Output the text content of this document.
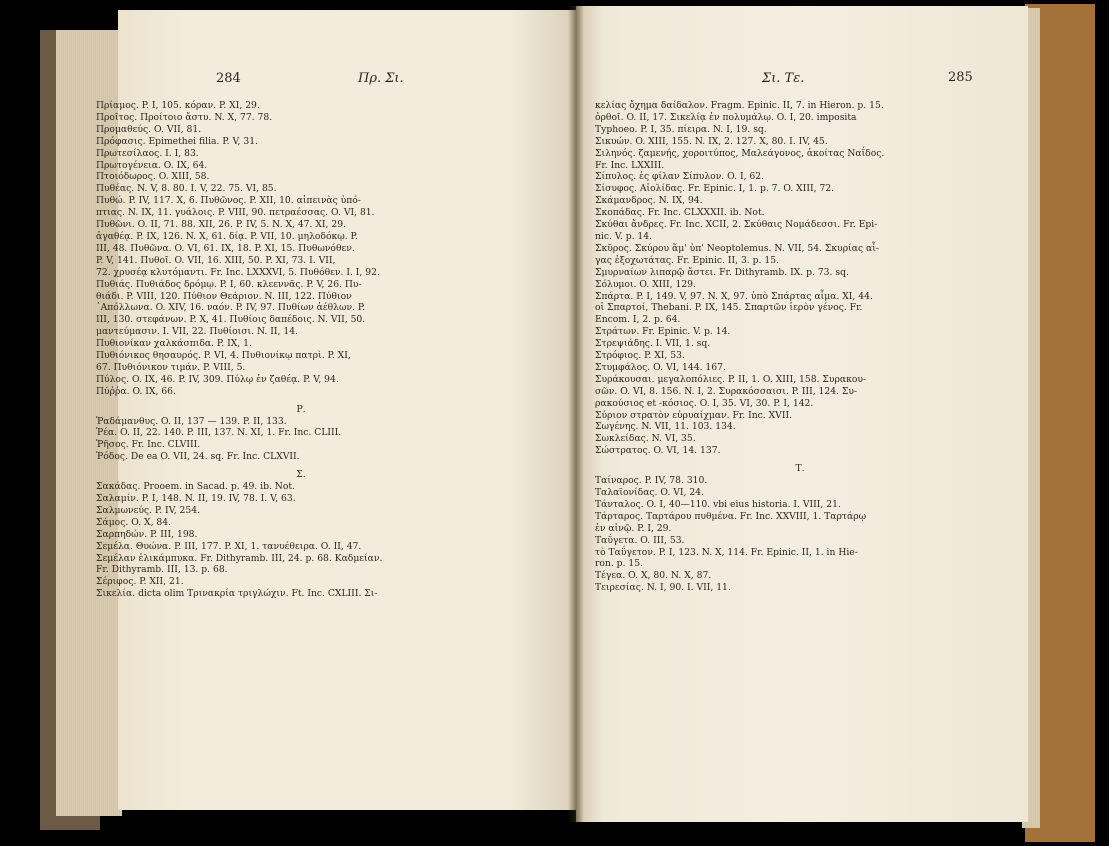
284	Πρ. Σι.	Σι. Τε.	285
Πρίαμος. P. I, 105. κόραν. P. XI, 29.
Προῖτος. Προίτοιο ἄστυ. N. X, 77. 78.
Προμαθεύς. O. VII, 81.
Πρόφασις. Epimethei filia. P. V, 31.
Πρωτεσίλαος. I. I, 83.
Πρωτογένεια. O. IX, 64.
Πτοιόδωρος. O. XIII, 58.
Πυθέας. N. V, 8. 80. I. V, 22. 75. VI, 85.
Πυθώ. P. IV, 117. X, 6. Πυθῶνος. P. XII, 10. αἰπεινὰς ὑπό-
πτιας. N. IX, 11. γυάλοις. P. VIII, 90. πετραέσσας. O. VI, 81.
Πυθῶνι. O. II, 71. 88. XII, 26. P. IV, 5. N. X, 47. XI, 29.
ἀγαθέᾳ. P. IX, 126. N. X, 61. δίᾳ. P. VII, 10. μηλοδόκῳ. P.
III, 48. Πυθῶνα. O. VI, 61. IX, 18. P. XI, 15. Πυθωνόθεν.
P. V, 141. Πυθοῖ. O. VII, 16. XIII, 50. P. XI, 73. I. VII,
72. χρυσέᾳ κλυτόμαντι. Fr. Inc. LXXXVI, 5. Πυθόθεν. I. I, 92.
Πυθιάς. Πυθιάδος δρόμῳ. P. I, 60. κλεεννᾶς. P. V, 26. Πυ-
θιάδι. P. VIII, 120. Πύθιον Θεάριον. N. III, 122. Πύθιον
᾽Απόλλωνα. O. XIV, 16. ναόν. P. IV, 97. Πυθίων ἀέθλων. P.
III, 130. στεφάνων. P. X, 41. Πυθίοις δαπέδοις. N. VII, 50.
μαντεύμασιν. I. VII, 22. Πυθίοισι. N. II, 14.
Πυθιονίκαν χαλκάσπιδα. P. IX, 1.
Πυθιόνικος θησαυρός. P. VI, 4. Πυθιονίκῳ πατρὶ. P. XI,
67. Πυθιόνικον τιμάν. P. VIII, 5.
Πύλος. O. IX, 46. P. IV, 309. Πύλῳ ἐν ζαθέᾳ. P. V, 94.
Πύῤῥα. O. IX, 66.
Ρ.
Ῥαδάμανθυς. O. II, 137 — 139. P. II, 133.
Ῥέα. O. II, 22. 140. P. III, 137. N. XI, 1. Fr. Inc. CLIII.
Ῥῆσος. Fr. Inc. CLVIII.
Ῥόδος. De ea O. VII, 24. sq. Fr. Inc. CLXVII.
Σ.
Σακάδας. Prooem. in Sacad. p. 49. ib. Not.
Σαλαμίν. P. I, 148. N. II, 19. IV, 78. I. V, 63.
Σαλμωνεύς. P. IV, 254.
Σάμος. O. X, 84.
Σαρπηδών. P. III, 198.
Σεμέλα. Θυώνα. P. III, 177. P. XI, 1. τανυέθειρα. O. II, 47.
Σεμέλαν ἑλικάμπυκα. Fr. Dithyramb. III, 24. p. 68. Καδμείαν.
Fr. Dithyramb. III, 13. p. 68.
Σέριφος. P. XII, 21.
Σικελία. dicta olim Τρινακρία τριγλώχιν. Ft. Inc. CXLIII. Σι-
κελίας ὄχημα δαίδαλον. Fragm. Epinic. II, 7. in Hieron. p. 15.
ὀρθοῖ. O. II, 17. Σικελίᾳ ἐν πολυμάλῳ. O. I, 20. imposita
Typhoeo. P. I, 35. πίειρα. N. I, 19. sq.
Σικυών. O. XIII, 155. N. IX, 2. 127. X, 80. I. IV, 45.
Σιληνός. ζαμενής, χοροιτύπος, Μαλεάγονος, ἀκοίτας Ναΐδος.
Fr. Inc. LXXIII.
Σίπυλος. ἐς φίλαν Σίπυλον. O. I, 62.
Σίσυφος. Αἰολίδας. Fr. Epinic. I, 1. p. 7. O. XIII, 72.
Σκάμανδρος. N. IX, 94.
Σκοπάδας. Fr. Inc. CLXXXII. ib. Not.
Σκύθαι ἄνδρες. Fr. Inc. XCII, 2. Σκύθαις Νομάδεσσι. Fr. Epi-
nic. V. p. 14.
Σκῦρος. Σκύρου ἅμ' ὑπ' Neoptolemus. N. VII, 54. Σκυρίας αἶ-
γας ἐξοχωτάτας. Fr. Epinic. II, 3. p. 15.
Σμυρναίων λιπαρῷ ἄστει. Fr. Dithyramb. IX. p. 73. sq.
Σόλυμοι. O. XIII, 129.
Σπάρτα. P. I, 149. V, 97. N. X, 97. ὑπὸ Σπάρτας αἷμα. XI, 44.
οἱ Σπαρτοί, Thebani. P. IX, 145. Σπαρτῶν ἱερὸν γένος. Fr.
Encom. I, 2. p. 64.
Στράτων. Fr. Epinic. V. p. 14.
Στρεψιάδης. I. VII, 1. sq.
Στρόφιος. P. XI, 53.
Στυμφάλος. O. VI, 144. 167.
Συράκουσαι. μεγαλοπόλιες. P. II, 1. O. XIII, 158. Συρακου-
σῶν. O. VI, 8. 156. N. I, 2. Συρακόσσαισι. P. III, 124. Συ-
ρακούσιος et -κόσιος. O. I, 35. VI, 30. P. I, 142.
Σύριον στρατὸν εὐρυαίχμαν. Fr. Inc. XVII.
Σωγένης. N. VII, 11. 103. 134.
Σωκλείδας. N. VI, 35.
Σώστρατος. O. VI, 14. 137.
Τ.
Ταίναρος. P. IV, 78. 310.
Ταλαϊονίδας. O. VI, 24.
Τάνταλος. O. I, 40—110. vbi eius historia. I. VIII, 21.
Τάρταρος. Ταρτάρου πυθμένα. Fr. Inc. XXVIII, 1. Ταρτάρῳ
ἐν αἰνῷ. P. I, 29.
Ταΰγετα. O. III, 53.
τὸ Ταΰγετον. P. I, 123. N. X, 114. Fr. Epinic. II, 1. in Hie-
ron. p. 15.
Τέγεα. O. X, 80. N. X, 87.
Τειρεσίας. N. I, 90. I. VII, 11.
